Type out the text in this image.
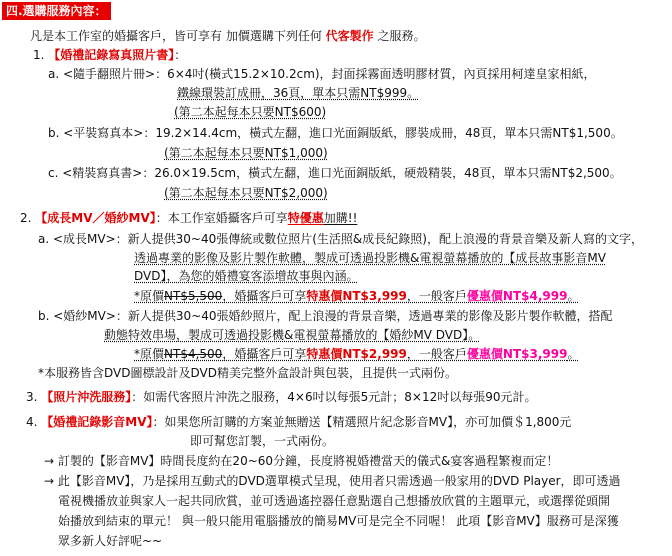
四.選購服務內容：
凡是本工作室的婚攝客戶，皆可享有 加價選購下列任何 代客製作 之服務。
1. 【婚禮記錄寫真照片書】：
a. <隨手翻照片冊>：6×4吋(橫式15.2×10.2cm)，封面採霧面透明膠材質，內頁採用柯達皇家相紙，
鐵線環裝訂成冊，36頁，單本只需NT$999。
(第二本起每本只要NT$600)
b. <平裝寫真本>：19.2×14.4cm，橫式左翻，進口光面銅版紙，膠裝成冊，48頁，單本只需NT$1,500。
(第二本起每本只要NT$1,000)
c. <精裝寫真書>：26.0×19.5cm，橫式左翻，進口光面銅版紙，硬殼精裝，48頁，單本只需NT$2,500。
(第二本起每本只要NT$2,000)
2. 【成長MV／婚紗MV】：本工作室婚攝客戶可享特優惠加購!!
a. <成長MV>：新人提供30~40張傳統或數位照片(生活照&成長紀錄照)，配上浪漫的背景音樂及新人寫的文字，
透過專業的影像及影片製作軟體，製成可透過投影機&電視螢幕播放的【成長故事影音MV
DVD】，為您的婚禮宴客添增故事與內涵。
*原價NT$5,500，婚攝客戶可享特惠價NT$3,999，一般客戶優惠價NT$4,999。
b. <婚紗MV>：新人提供30~40張婚紗照片，配上浪漫的背景音樂，透過專業的影像及影片製作軟體，搭配
動態特效串場，製成可透過投影機&電視螢幕播放的【婚紗MV DVD】。
*原價NT$4,500，婚攝客戶可享特惠價NT$2,999，一般客戶優惠價NT$3,999。
*本服務皆含DVD圖標設計及DVD精美完整外盒設計與包裝，且提供一式兩份。
3. 【照片沖洗服務】：如需代客照片沖洗之服務，4×6吋以每張5元計；8×12吋以每張90元計。
4. 【婚禮記錄影音MV】：如果您所訂購的方案並無贈送【精選照片紀念影音MV】，亦可加價＄1,800元
即可幫您訂製，一式兩份。
→ 訂製的【影音MV】時間長度約在20~60分鐘，長度將視婚禮當天的儀式&宴客過程繁複而定！
→ 此【影音MV】，乃是採用互動式的DVD選單模式呈現，使用者只需透過一般家用的DVD Player，即可透過
電視機播放並與家人一起共同欣賞，並可透過遙控器任意點選自己想播放欣賞的主題單元，或選擇從頭開
始播放到結束的單元！ 與一般只能用電腦播放的簡易MV可是完全不同喔！ 此項【影音MV】服務可是深獲
眾多新人好評呢~~
